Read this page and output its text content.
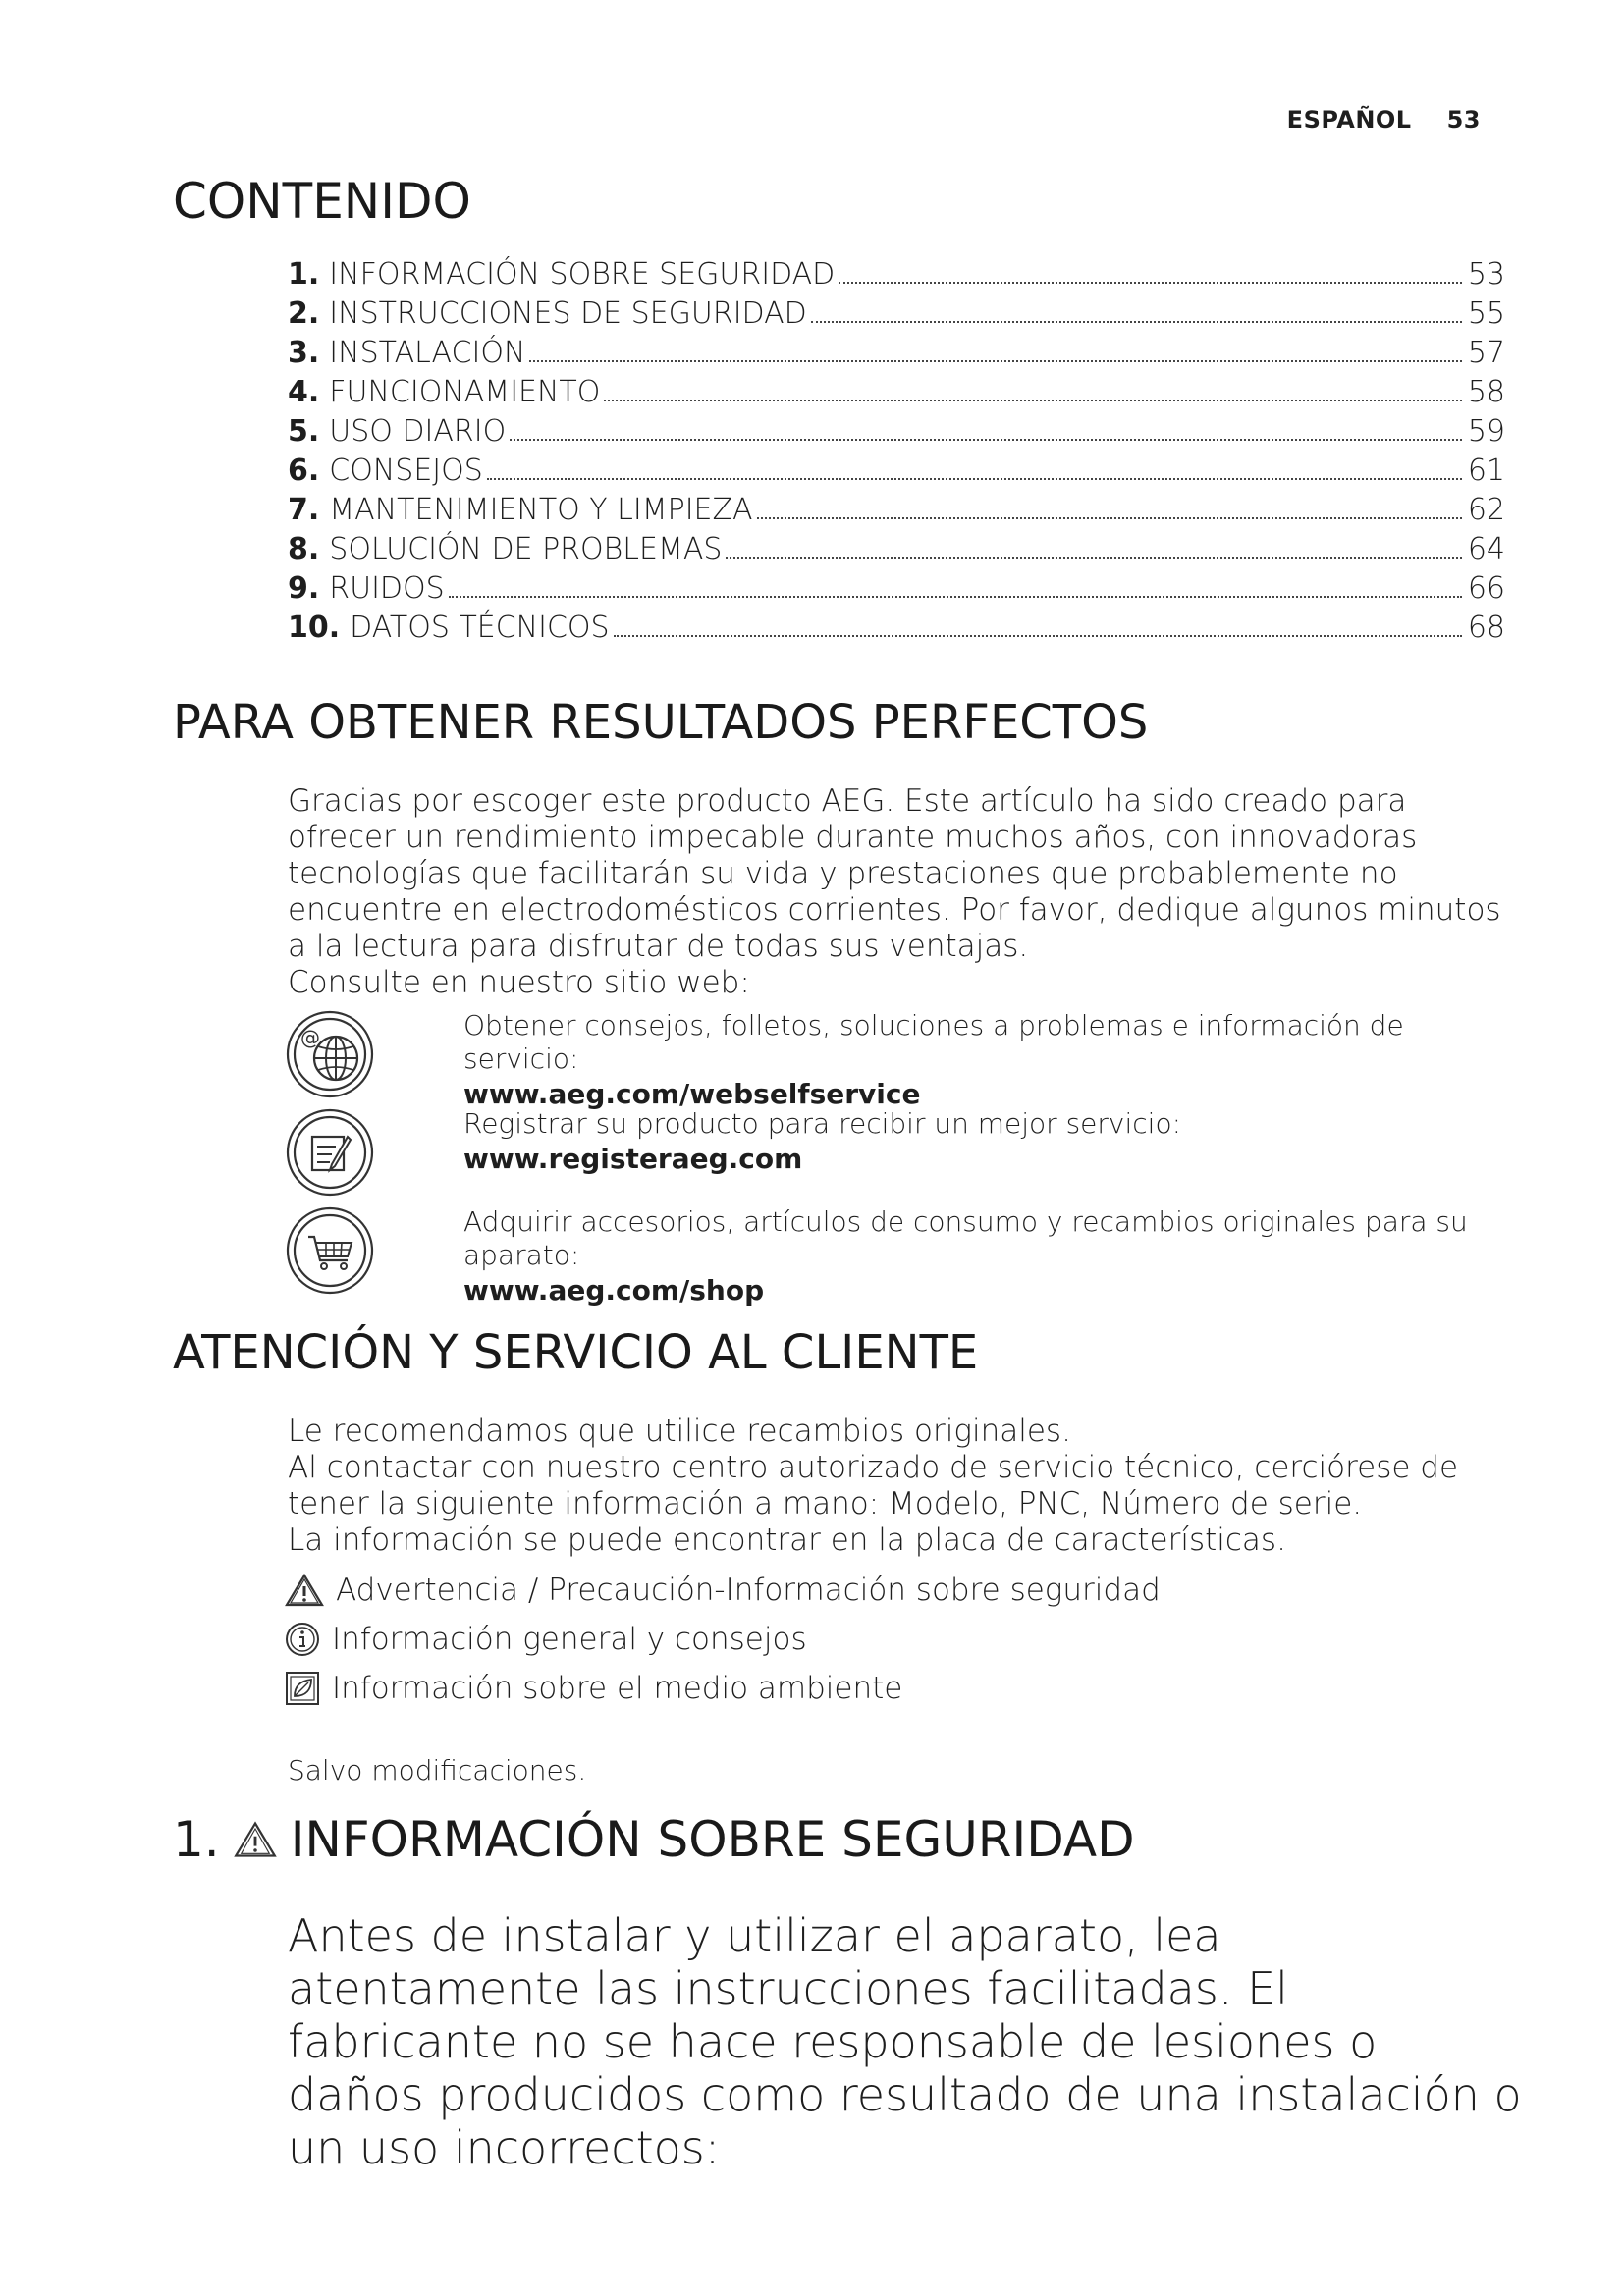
ESPAÑOL 53
CONTENIDO
1. INFORMACIÓN SOBRE SEGURIDAD	53
2. INSTRUCCIONES DE SEGURIDAD	55
3. INSTALACIÓN	57
4. FUNCIONAMIENTO	58
5. USO DIARIO	59
6. CONSEJOS	61
7. MANTENIMIENTO Y LIMPIEZA	62
8. SOLUCIÓN DE PROBLEMAS	64
9. RUIDOS	66
10. DATOS TÉCNICOS	68
PARA OBTENER RESULTADOS PERFECTOS

Gracias por escoger este producto AEG. Este artículo ha sido creado para ofrecer un rendimiento impecable durante muchos años, con innovadoras tecnologías que facilitarán su vida y prestaciones que probablemente no encuentre en electrodomésticos corrientes. Por favor, dedique algunos minutos a la lectura para disfrutar de todas sus ventajas.

Consulte en nuestro sitio web:

@	Obtener consejos, folletos, soluciones a problemas e información de servicio:
www.aeg.com/webselfservice
Registrar su producto para recibir un mejor servicio:
www.registeraeg.com
Adquirir accesorios, artículos de consumo y recambios originales para su aparato:
www.aeg.com/shop
ATENCIÓN Y SERVICIO AL CLIENTE

Le recomendamos que utilice recambios originales.

Al contactar con nuestro centro autorizado de servicio técnico, cerciórese de tener la siguiente información a mano: Modelo, PNC, Número de serie.

La información se puede encontrar en la placa de características.

Advertencia / Precaución-Información sobre seguridad
Información general y consejos
Información sobre el medio ambiente
Salvo modificaciones.
1. INFORMACIÓN SOBRE SEGURIDAD
Antes de instalar y utilizar el aparato, lea atentamente las instrucciones facilitadas. El fabricante no se hace responsable de lesiones o daños producidos como resultado de una instalación o un uso incorrectos:
